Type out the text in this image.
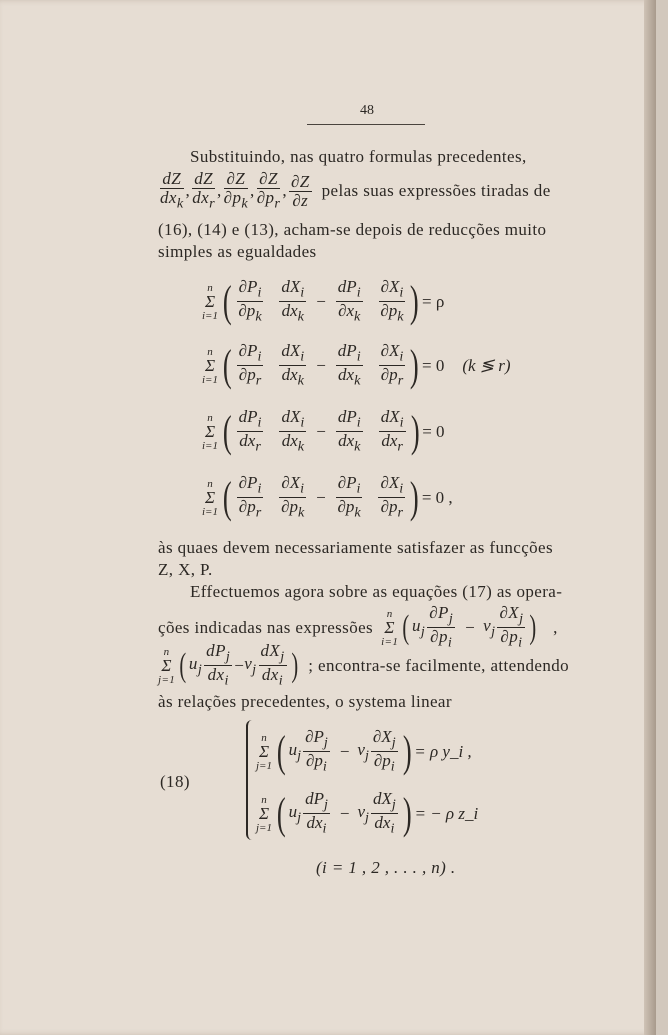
48
Substituindo, nas quatro formulas precedentes,
$\frac{dZ}{dx_k}$ , $\frac{dZ}{dx_r}$ , $\frac{\partial Z}{\partial p_k}$ , $\frac{\partial Z}{\partial p_r}$ , $\frac{\partial Z}{\partial z}$ pelas suas expressões tiradas de
(16), (14) e (13), acham-se depois de reducções muito
simples as egualdades
n
Σ
i=1 ( $\frac{\partial P_i}{\partial p_k} \frac{dX_i}{dx_k} - \frac{dP_i}{\partial x_k} \frac{\partial X_i}{\partial p_k}$ ) = ρ
n
Σ
i=1 ( $\frac{\partial P_i}{\partial p_r} \frac{dX_i}{dx_k} - \frac{dP_i}{dx_k} \frac{\partial X_i}{\partial p_r}$ ) = 0 (k ≶ r)
n
Σ
i=1 ( $\frac{dP_i}{dx_r} \frac{dX_i}{dx_k} - \frac{dP_i}{dx_k} \frac{dX_i}{dx_r}$ ) = 0
n
Σ
i=1 ( $\frac{\partial P_i}{\partial p_r} \frac{\partial X_i}{\partial p_k} - \frac{\partial P_i}{\partial p_k} \frac{\partial X_i}{\partial p_r}$ ) = 0 ,
às quaes devem necessariamente satisfazer as funcções
Z, X, P.
Effectuemos agora sobre as equações (17) as opera-
ções indicadas nas expressões
n
Σ
i=1 ( $u_j \frac{\partial P_j}{\partial p_i} - v_j \frac{\partial X_j}{\partial p_i}$ ) ,
n
Σ
j=1 ( $u_j \frac{dP_j}{dx_i} - v_j \frac{dX_j}{dx_i}$ ) ; encontra-se facilmente, attendendo
às relações precedentes, o systema linear
(18)
n
Σ
j=1 ( $u_j \frac{\partial P_j}{\partial p_i} - v_j \frac{\partial X_j}{\partial p_i}$ ) = ρ y_i ,
n
Σ
j=1 ( $u_j \frac{dP_j}{dx_i} - v_j \frac{dX_j}{dx_i}$ ) = − ρ z_i
(i = 1 , 2 , . . . , n) .
